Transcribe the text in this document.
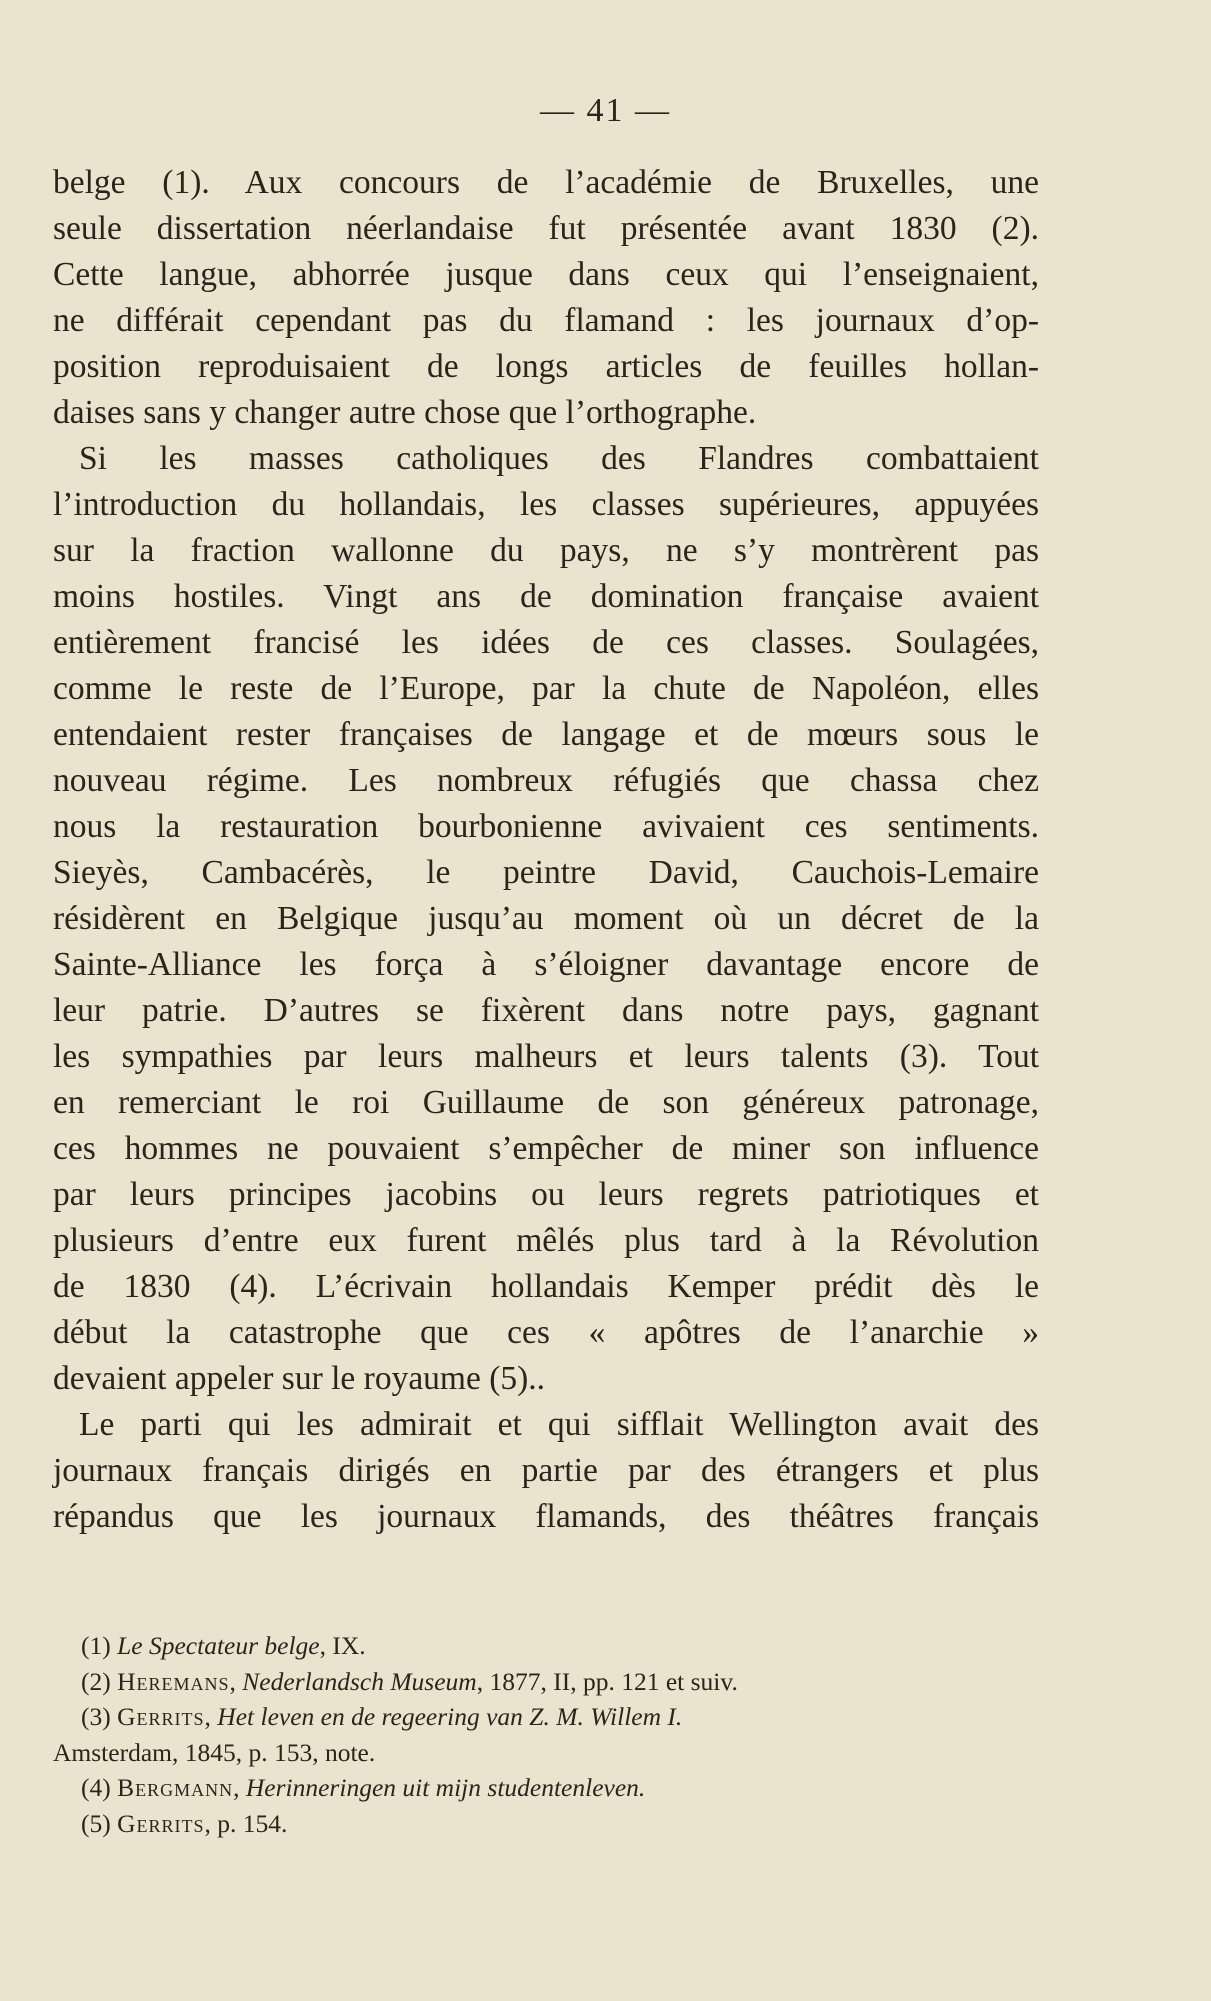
— 41 —
belge (1). Aux concours de l’académie de Bruxelles, une
seule dissertation néerlandaise fut présentée avant 1830 (2).
Cette langue, abhorrée jusque dans ceux qui l’enseignaient,
ne différait cependant pas du flamand : les journaux d’op-
position reproduisaient de longs articles de feuilles hollan-
daises sans y changer autre chose que l’orthographe.
Si les masses catholiques des Flandres combattaient
l’introduction du hollandais, les classes supérieures, appuyées
sur la fraction wallonne du pays, ne s’y montrèrent pas
moins hostiles. Vingt ans de domination française avaient
entièrement francisé les idées de ces classes. Soulagées,
comme le reste de l’Europe, par la chute de Napoléon, elles
entendaient rester françaises de langage et de mœurs sous le
nouveau régime. Les nombreux réfugiés que chassa chez
nous la restauration bourbonienne avivaient ces sentiments.
Sieyès, Cambacérès, le peintre David, Cauchois-Lemaire
résidèrent en Belgique jusqu’au moment où un décret de la
Sainte-Alliance les força à s’éloigner davantage encore de
leur patrie. D’autres se fixèrent dans notre pays, gagnant
les sympathies par leurs malheurs et leurs talents (3). Tout
en remerciant le roi Guillaume de son généreux patronage,
ces hommes ne pouvaient s’empêcher de miner son influence
par leurs principes jacobins ou leurs regrets patriotiques et
plusieurs d’entre eux furent mêlés plus tard à la Révolution
de 1830 (4). L’écrivain hollandais Kemper prédit dès le
début la catastrophe que ces « apôtres de l’anarchie »
devaient appeler sur le royaume (5)..
Le parti qui les admirait et qui sifflait Wellington avait des
journaux français dirigés en partie par des étrangers et plus
répandus que les journaux flamands, des théâtres français
(1) Le Spectateur belge, IX.
(2) Heremans, Nederlandsch Museum, 1877, II, pp. 121 et suiv.
(3) Gerrits, Het leven en de regeering van Z. M. Willem I.
Amsterdam, 1845, p. 153, note.
(4) Bergmann, Herinneringen uit mijn studentenleven.
(5) Gerrits, p. 154.
